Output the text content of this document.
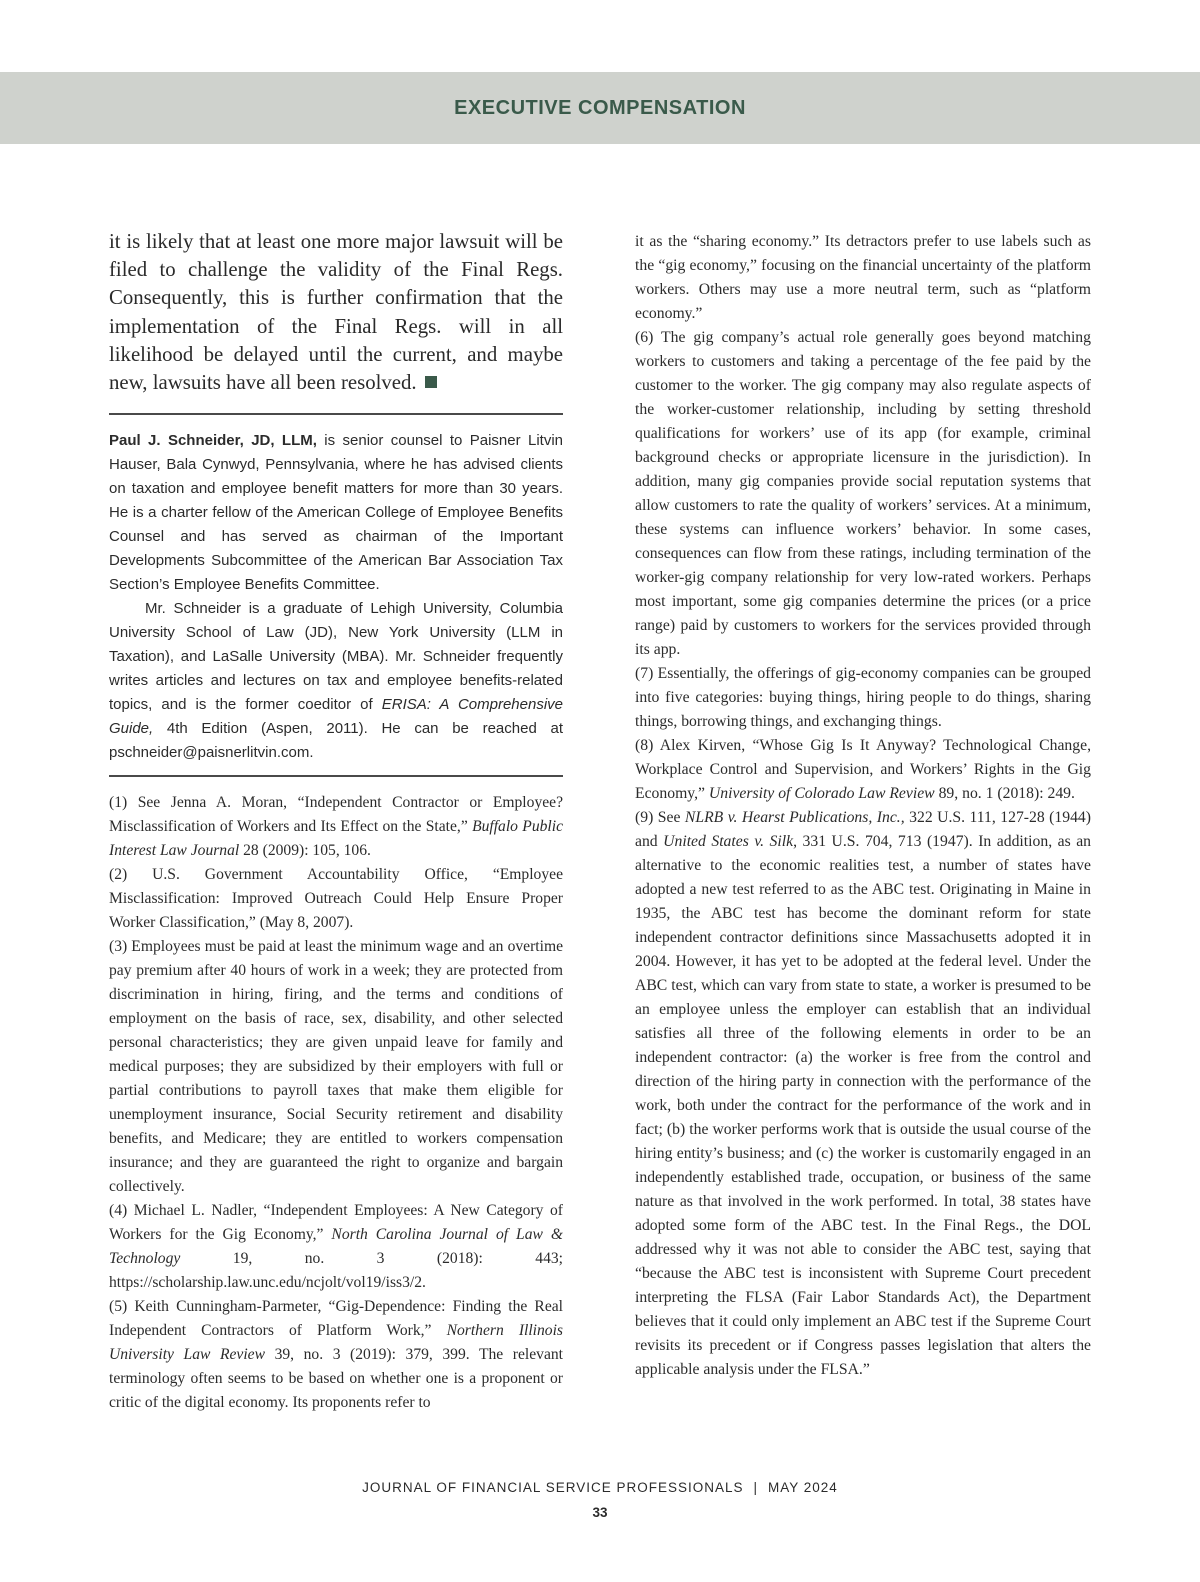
EXECUTIVE COMPENSATION

it is likely that at least one more major lawsuit will be filed to challenge the validity of the Final Regs. Consequently, this is further confirmation that the implementation of the Final Regs. will in all likelihood be delayed until the current, and maybe new, lawsuits have all been resolved.

Paul J. Schneider, JD, LLM, is senior counsel to Paisner Litvin Hauser, Bala Cynwyd, Pennsylvania, where he has advised clients on taxation and employee benefit matters for more than 30 years. He is a charter fellow of the American College of Employee Benefits Counsel and has served as chairman of the Important Developments Subcommittee of the American Bar Association Tax Section’s Employee Benefits Committee.

Mr. Schneider is a graduate of Lehigh University, Columbia University School of Law (JD), New York University (LLM in Taxation), and LaSalle University (MBA). Mr. Schneider frequently writes articles and lectures on tax and employee benefits-related topics, and is the former coeditor of ERISA: A Comprehensive Guide, 4th Edition (Aspen, 2011). He can be reached at pschneider@paisnerlitvin.com.

(1) See Jenna A. Moran, “Independent Contractor or Employee? Misclassification of Workers and Its Effect on the State,” Buffalo Public Interest Law Journal 28 (2009): 105, 106.

(2) U.S. Government Accountability Office, “Employee Misclassification: Improved Outreach Could Help Ensure Proper Worker Classification,” (May 8, 2007).

(3) Employees must be paid at least the minimum wage and an overtime pay premium after 40 hours of work in a week; they are protected from discrimination in hiring, firing, and the terms and conditions of employment on the basis of race, sex, disability, and other selected personal characteristics; they are given unpaid leave for family and medical purposes; they are subsidized by their employers with full or partial contributions to payroll taxes that make them eligible for unemployment insurance, Social Security retirement and disability benefits, and Medicare; they are entitled to workers compensation insurance; and they are guaranteed the right to organize and bargain collectively.

(4) Michael L. Nadler, “Independent Employees: A New Category of Workers for the Gig Economy,” North Carolina Journal of Law & Technology 19, no. 3 (2018): 443; https://scholarship.law.unc.edu/ncjolt/vol19/iss3/2.

(5) Keith Cunningham-Parmeter, “Gig-Dependence: Finding the Real Independent Contractors of Platform Work,” Northern Illinois University Law Review 39, no. 3 (2019): 379, 399. The relevant terminology often seems to be based on whether one is a proponent or critic of the digital economy. Its proponents refer to

it as the “sharing economy.” Its detractors prefer to use labels such as the “gig economy,” focusing on the financial uncertainty of the platform workers. Others may use a more neutral term, such as “platform economy.”

(6) The gig company’s actual role generally goes beyond matching workers to customers and taking a percentage of the fee paid by the customer to the worker. The gig company may also regulate aspects of the worker-customer relationship, including by setting threshold qualifications for workers’ use of its app (for example, criminal background checks or appropriate licensure in the jurisdiction). In addition, many gig companies provide social reputation systems that allow customers to rate the quality of workers’ services. At a minimum, these systems can influence workers’ behavior. In some cases, consequences can flow from these ratings, including termination of the worker-gig company relationship for very low-rated workers. Perhaps most important, some gig companies determine the prices (or a price range) paid by customers to workers for the services provided through its app.

(7) Essentially, the offerings of gig-economy companies can be grouped into five categories: buying things, hiring people to do things, sharing things, borrowing things, and exchanging things.

(8) Alex Kirven, “Whose Gig Is It Anyway? Technological Change, Workplace Control and Supervision, and Workers’ Rights in the Gig Economy,” University of Colorado Law Review 89, no. 1 (2018): 249.

(9) See NLRB v. Hearst Publications, Inc., 322 U.S. 111, 127-28 (1944) and United States v. Silk, 331 U.S. 704, 713 (1947). In addition, as an alternative to the economic realities test, a number of states have adopted a new test referred to as the ABC test. Originating in Maine in 1935, the ABC test has become the dominant reform for state independent contractor definitions since Massachusetts adopted it in 2004. However, it has yet to be adopted at the federal level. Under the ABC test, which can vary from state to state, a worker is presumed to be an employee unless the employer can establish that an individual satisfies all three of the following elements in order to be an independent contractor: (a) the worker is free from the control and direction of the hiring party in connection with the performance of the work, both under the contract for the performance of the work and in fact; (b) the worker performs work that is outside the usual course of the hiring entity’s business; and (c) the worker is customarily engaged in an independently established trade, occupation, or business of the same nature as that involved in the work performed. In total, 38 states have adopted some form of the ABC test. In the Final Regs., the DOL addressed why it was not able to consider the ABC test, saying that “because the ABC test is inconsistent with Supreme Court precedent interpreting the FLSA (Fair Labor Standards Act), the Department believes that it could only implement an ABC test if the Supreme Court revisits its precedent or if Congress passes legislation that alters the applicable analysis under the FLSA.”

JOURNAL OF FINANCIAL SERVICE PROFESSIONALS | MAY 2024
33
